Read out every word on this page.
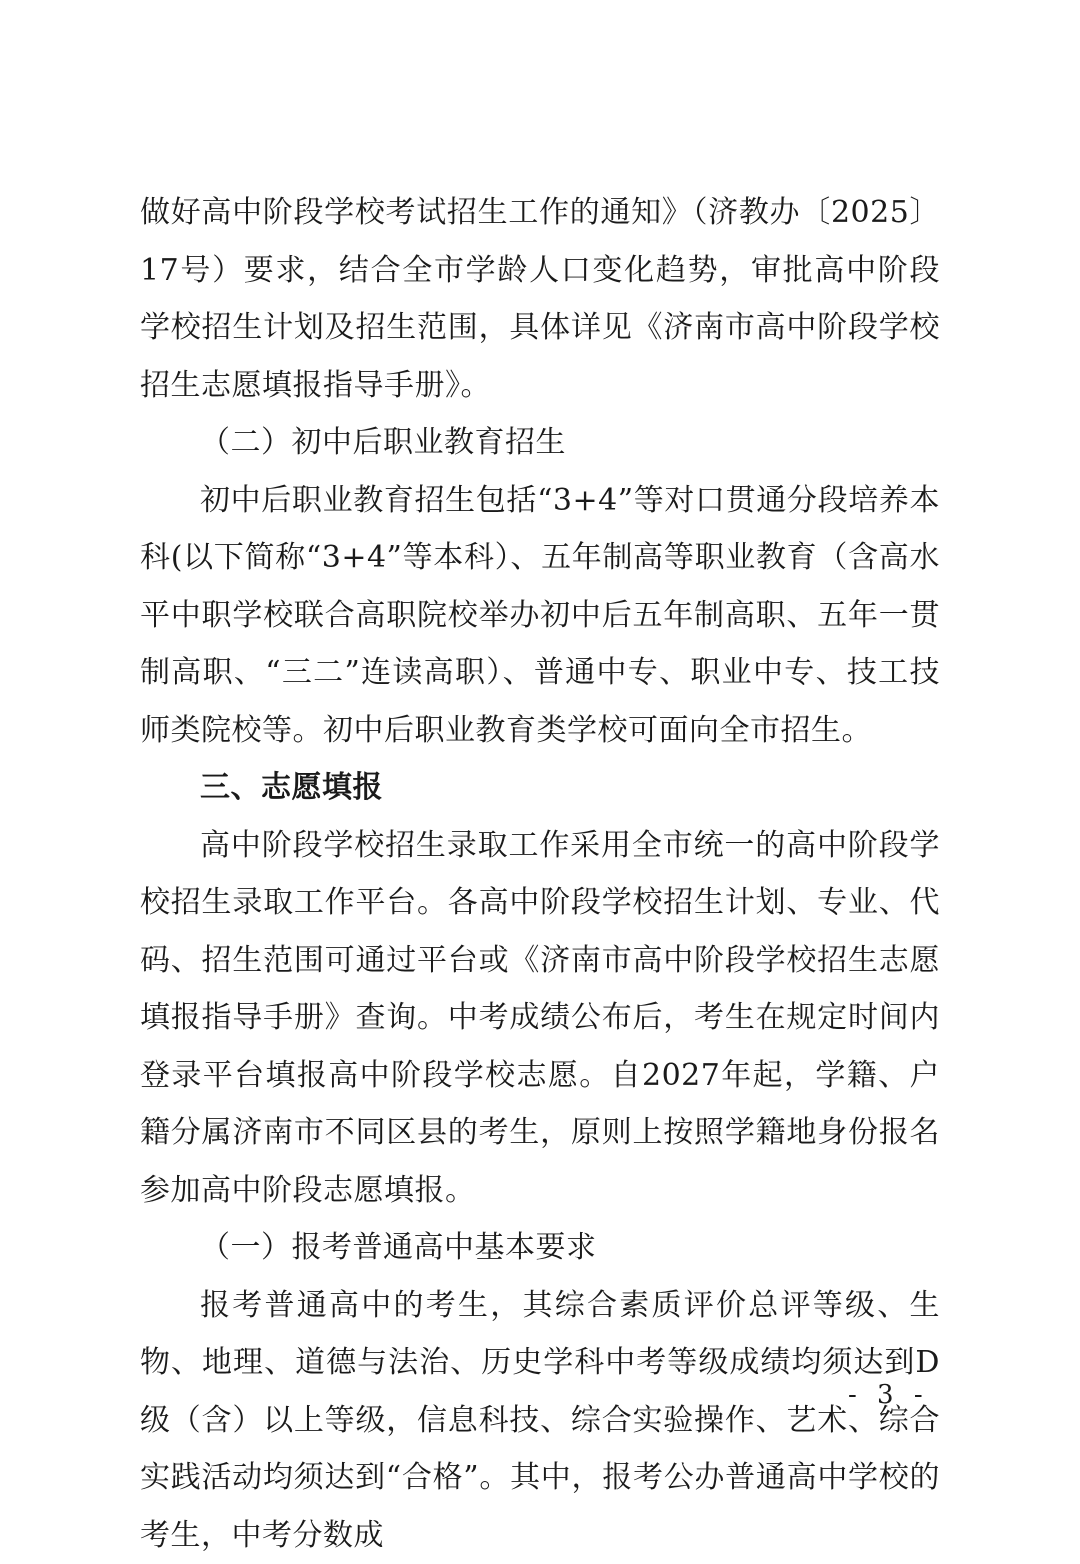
做好高中阶段学校考试招生工作的通知》（济教办〔2025〕17号）要求，结合全市学龄人口变化趋势，审批高中阶段学校招生计划及招生范围，具体详见《济南市高中阶段学校招生志愿填报指导手册》。

（二）初中后职业教育招生

初中后职业教育招生包括“3+4”等对口贯通分段培养本科(以下简称“3+4”等本科）、五年制高等职业教育（含高水平中职学校联合高职院校举办初中后五年制高职、五年一贯制高职、“三二”连读高职）、普通中专、职业中专、技工技师类院校等。初中后职业教育类学校可面向全市招生。

三、志愿填报

高中阶段学校招生录取工作采用全市统一的高中阶段学校招生录取工作平台。各高中阶段学校招生计划、专业、代码、招生范围可通过平台或《济南市高中阶段学校招生志愿填报指导手册》查询。中考成绩公布后，考生在规定时间内登录平台填报高中阶段学校志愿。自2027年起，学籍、户籍分属济南市不同区县的考生，原则上按照学籍地身份报名参加高中阶段志愿填报。

（一）报考普通高中基本要求

报考普通高中的考生，其综合素质评价总评等级、生物、地理、道德与法治、历史学科中考等级成绩均须达到D级（含）以上等级，信息科技、综合实验操作、艺术、综合实践活动均须达到“合格”。其中，报考公办普通高中学校的考生，中考分数成

- 3 -
